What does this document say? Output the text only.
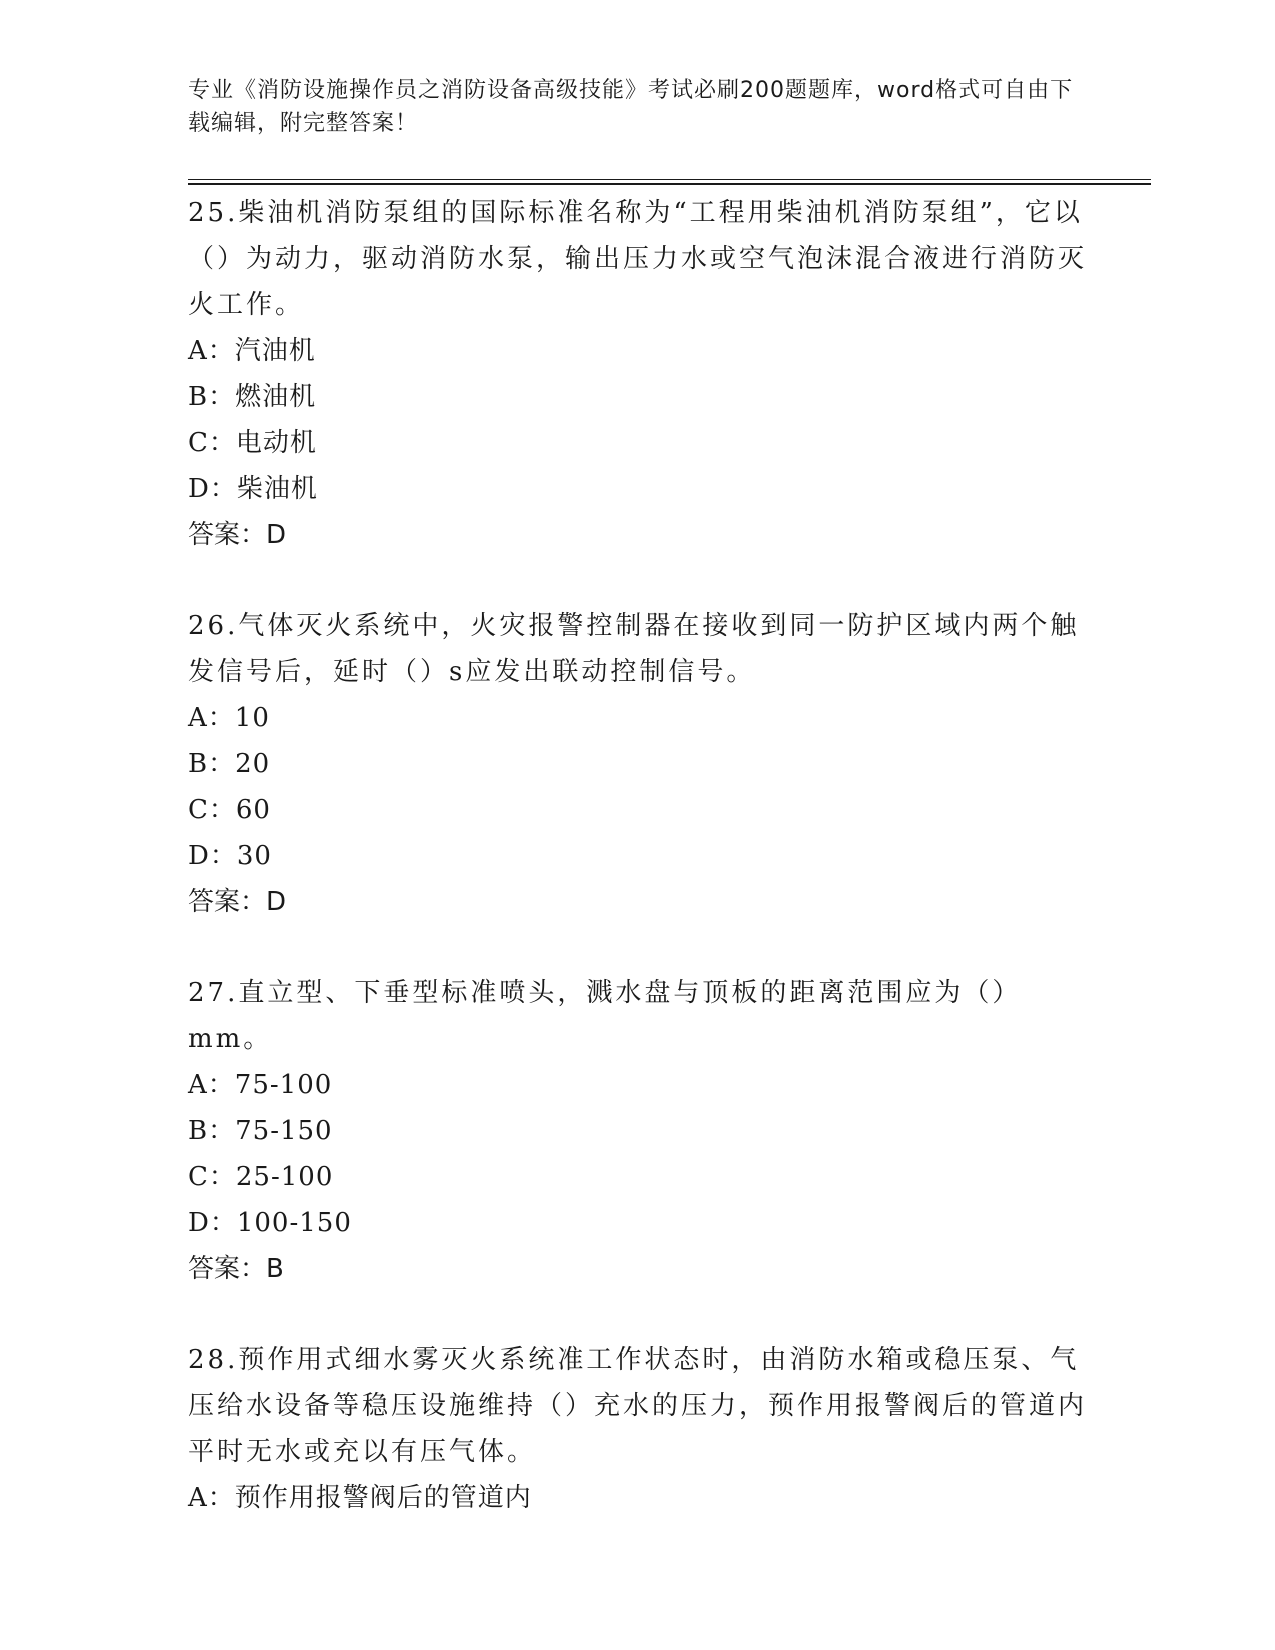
专业《消防设施操作员之消防设备高级技能》考试必刷200题题库，word格式可自由下载编辑，附完整答案！

25.柴油机消防泵组的国际标准名称为“工程用柴油机消防泵组”，它以（）为动力，驱动消防水泵，输出压力水或空气泡沫混合液进行消防灭火工作。

A：汽油机

B：燃油机

C：电动机

D：柴油机

答案：D

26.气体灭火系统中，火灾报警控制器在接收到同一防护区域内两个触发信号后，延时（）s应发出联动控制信号。

A：10

B：20

C：60

D：30

答案：D

27.直立型、下垂型标准喷头，溅水盘与顶板的距离范围应为（）mm。

A：75-100

B：75-150

C：25-100

D：100-150

答案：B

28.预作用式细水雾灭火系统准工作状态时，由消防水箱或稳压泵、气压给水设备等稳压设施维持（）充水的压力，预作用报警阀后的管道内平时无水或充以有压气体。

A：预作用报警阀后的管道内
